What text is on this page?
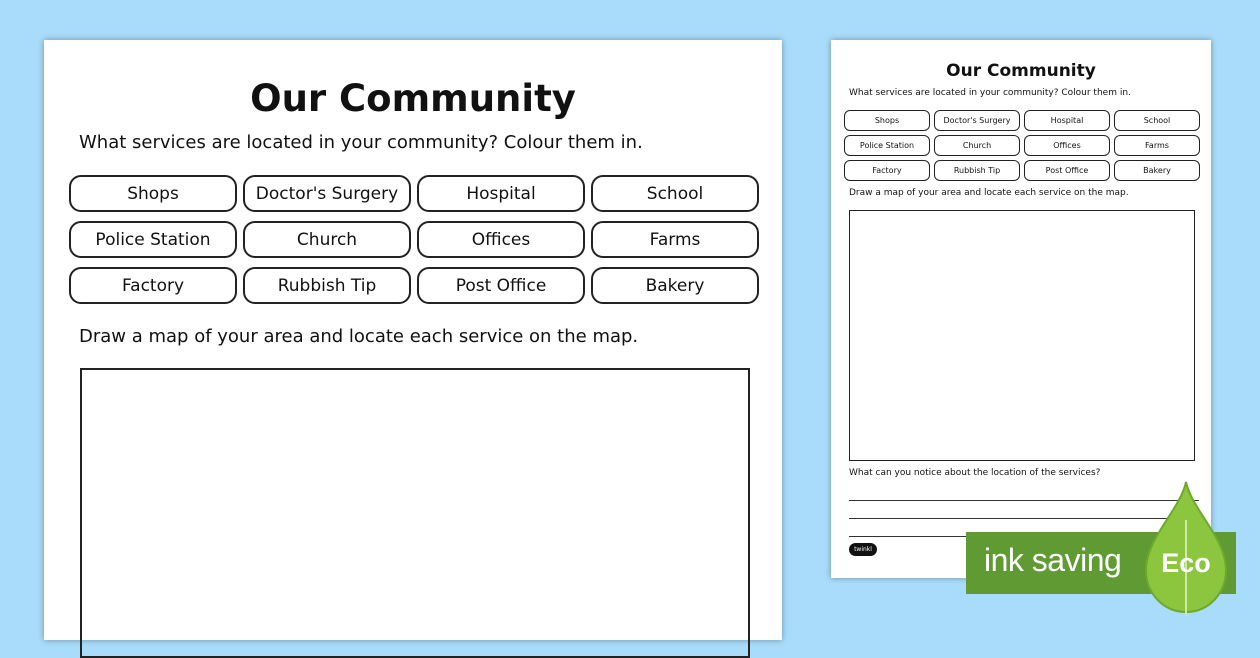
Our Community
What services are located in your community? Colour them in.
Shops	Doctor's Surgery	Hospital	School
Police Station	Church	Offices	Farms
Factory	Rubbish Tip	Post Office	Bakery
Draw a map of your area and locate each service on the map.
Our Community
What services are located in your community? Colour them in.
Shops	Doctor's Surgery	Hospital	School
Police Station	Church	Offices	Farms
Factory	Rubbish Tip	Post Office	Bakery
Draw a map of your area and locate each service on the map.
What can you notice about the location of the services?
twinkl	ink saving Eco
